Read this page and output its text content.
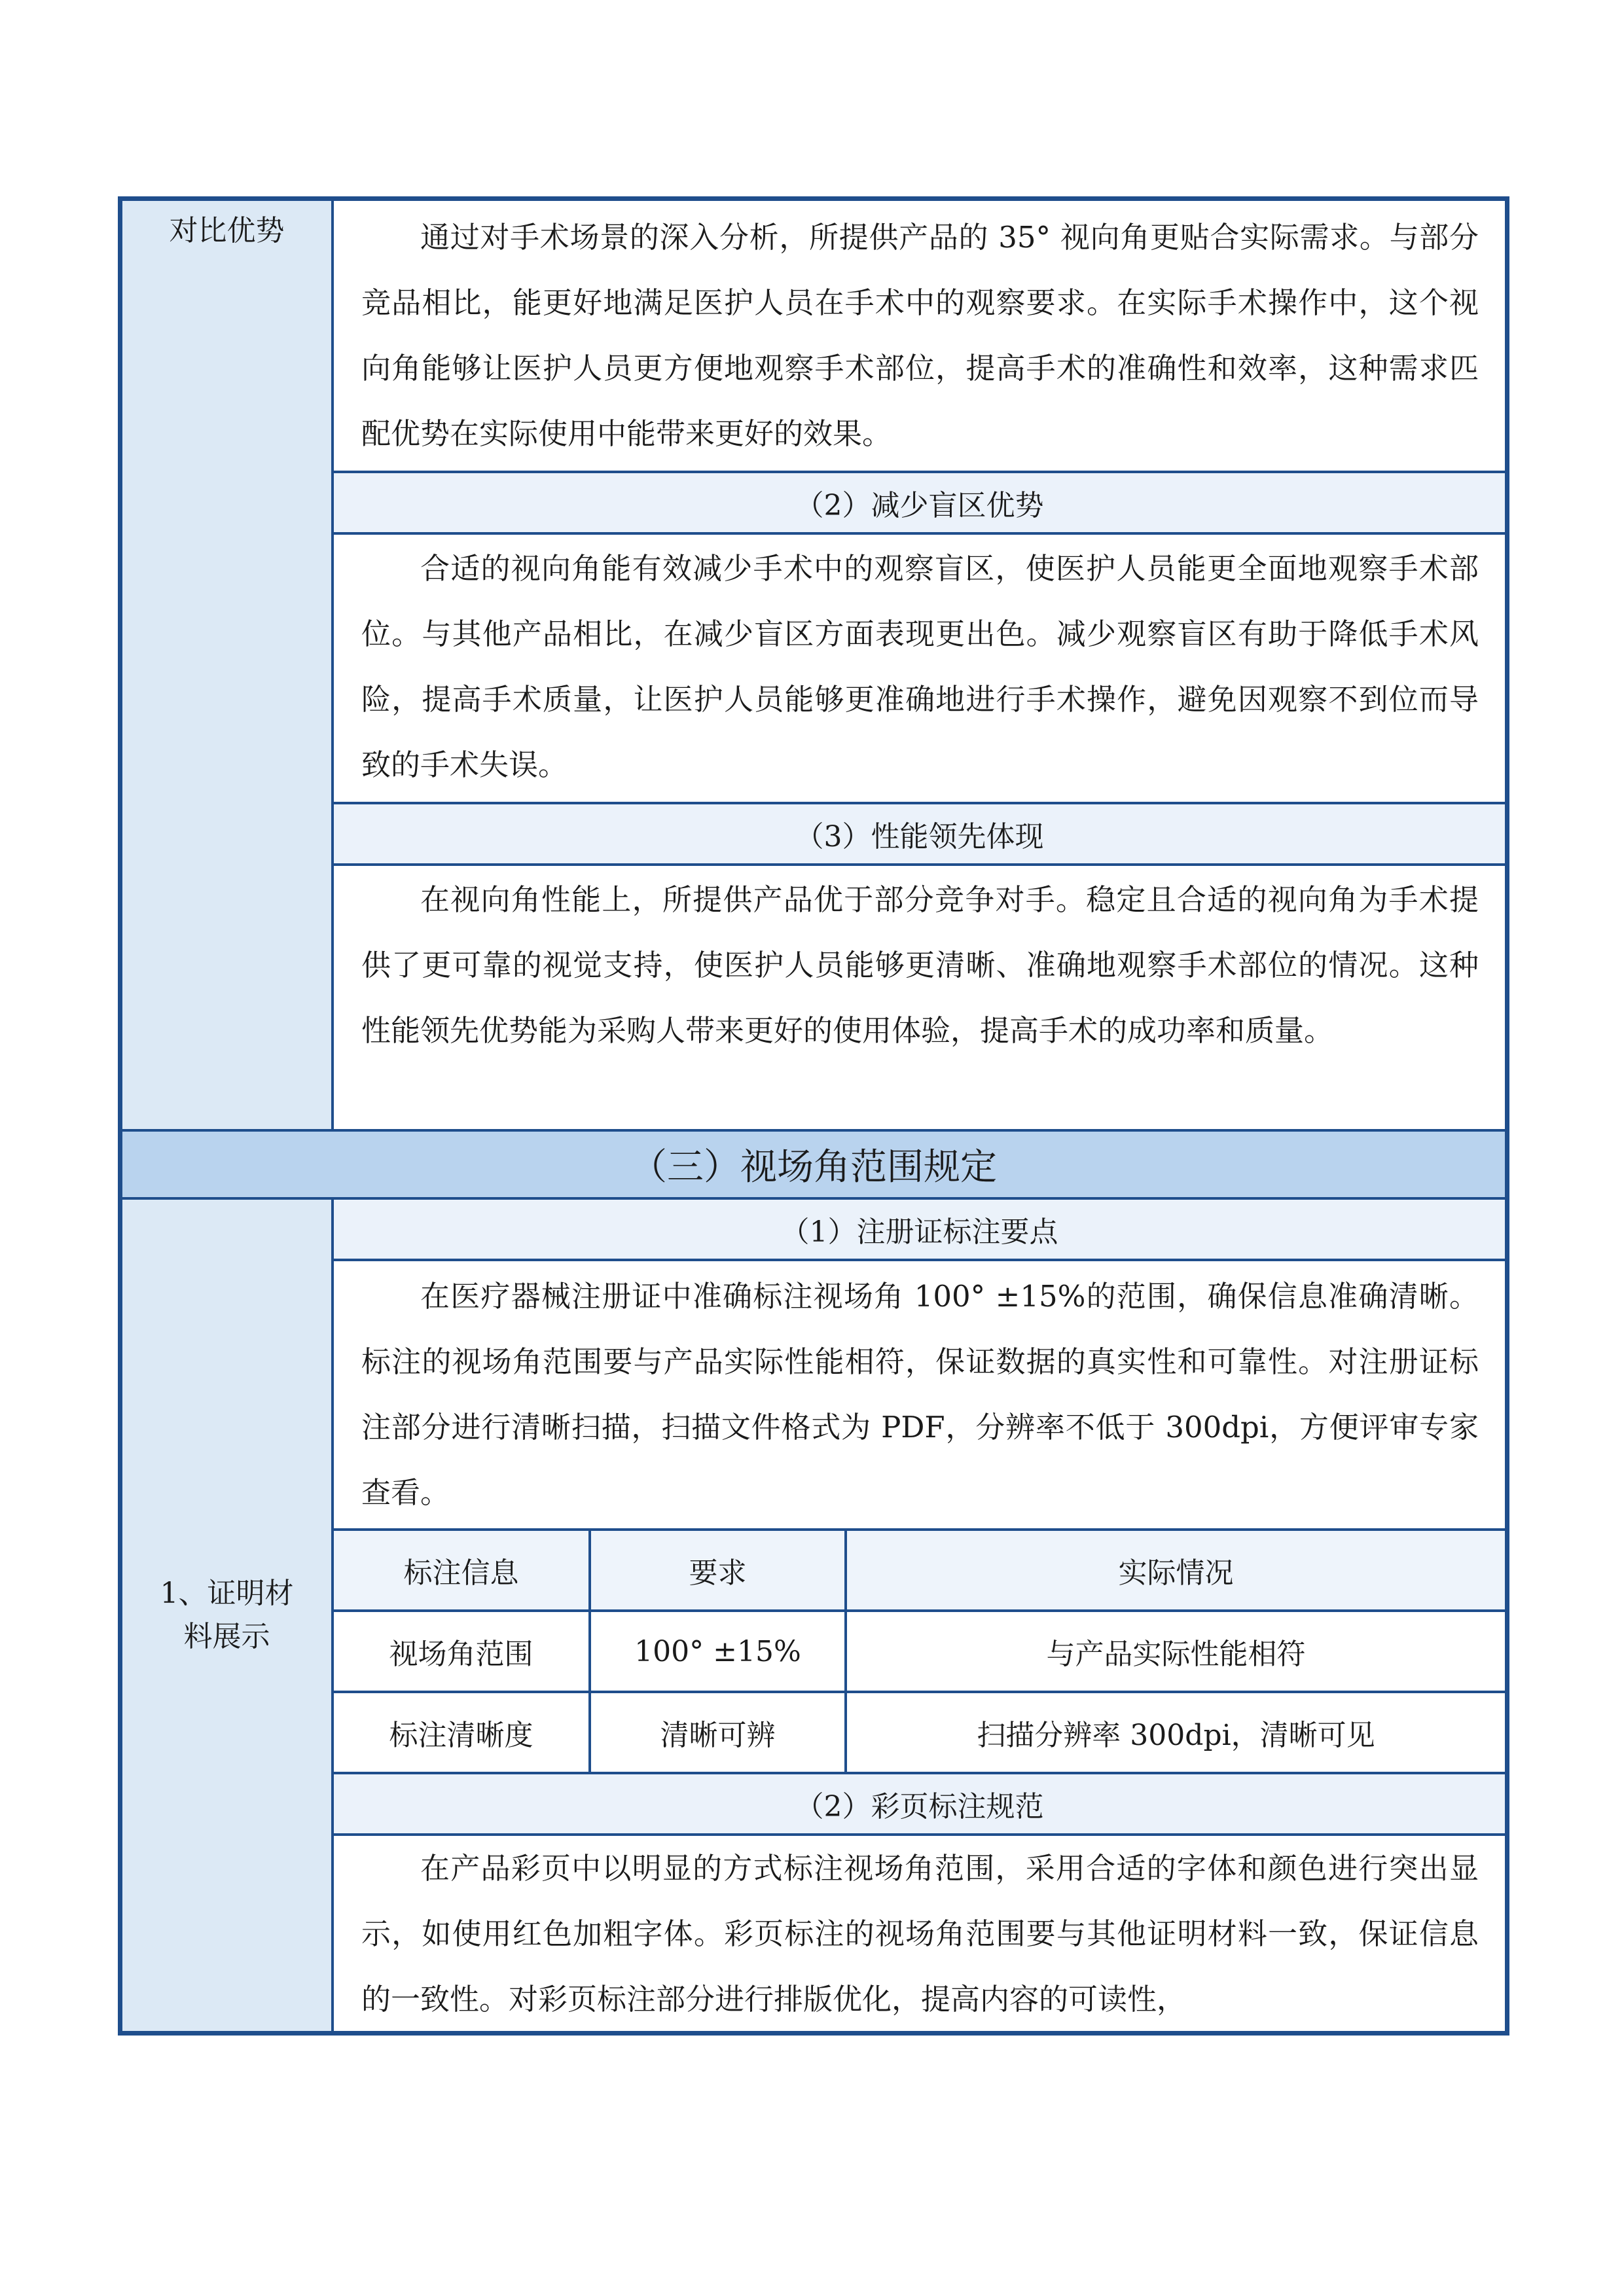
对比优势	通过对手术场景的深入分析，所提供产品的 35° 视向角更贴合实际需求。与部分竞品相比，能更好地满足医护人员在手术中的观察要求。在实际手术操作中，这个视向角能够让医护人员更方便地观察手术部位，提高手术的准确性和效率，这种需求匹配优势在实际使用中能带来更好的效果。

（2）减少盲区优势

合适的视向角能有效减少手术中的观察盲区，使医护人员能更全面地观察手术部位。与其他产品相比，在减少盲区方面表现更出色。减少观察盲区有助于降低手术风险，提高手术质量，让医护人员能够更准确地进行手术操作，避免因观察不到位而导致的手术失误。

（3）性能领先体现

在视向角性能上，所提供产品优于部分竞争对手。稳定且合适的视向角为手术提供了更可靠的视觉支持，使医护人员能够更清晰、准确地观察手术部位的情况。这种性能领先优势能为采购人带来更好的使用体验，提高手术的成功率和质量。

（三）视场角范围规定
1、证明材料展示
（1）注册证标注要点

在医疗器械注册证中准确标注视场角 100° ±15%的范围，确保信息准确清晰。标注的视场角范围要与产品实际性能相符，保证数据的真实性和可靠性。对注册证标注部分进行清晰扫描，扫描文件格式为 PDF，分辨率不低于 300dpi，方便评审专家查看。

标注信息	要求	实际情况
视场角范围	100° ±15%	与产品实际性能相符
标注清晰度	清晰可辨	扫描分辨率 300dpi，清晰可见
（2）彩页标注规范

在产品彩页中以明显的方式标注视场角范围，采用合适的字体和颜色进行突出显示，如使用红色加粗字体。彩页标注的视场角范围要与其他证明材料一致，保证信息的一致性。对彩页标注部分进行排版优化，提高内容的可读性，
